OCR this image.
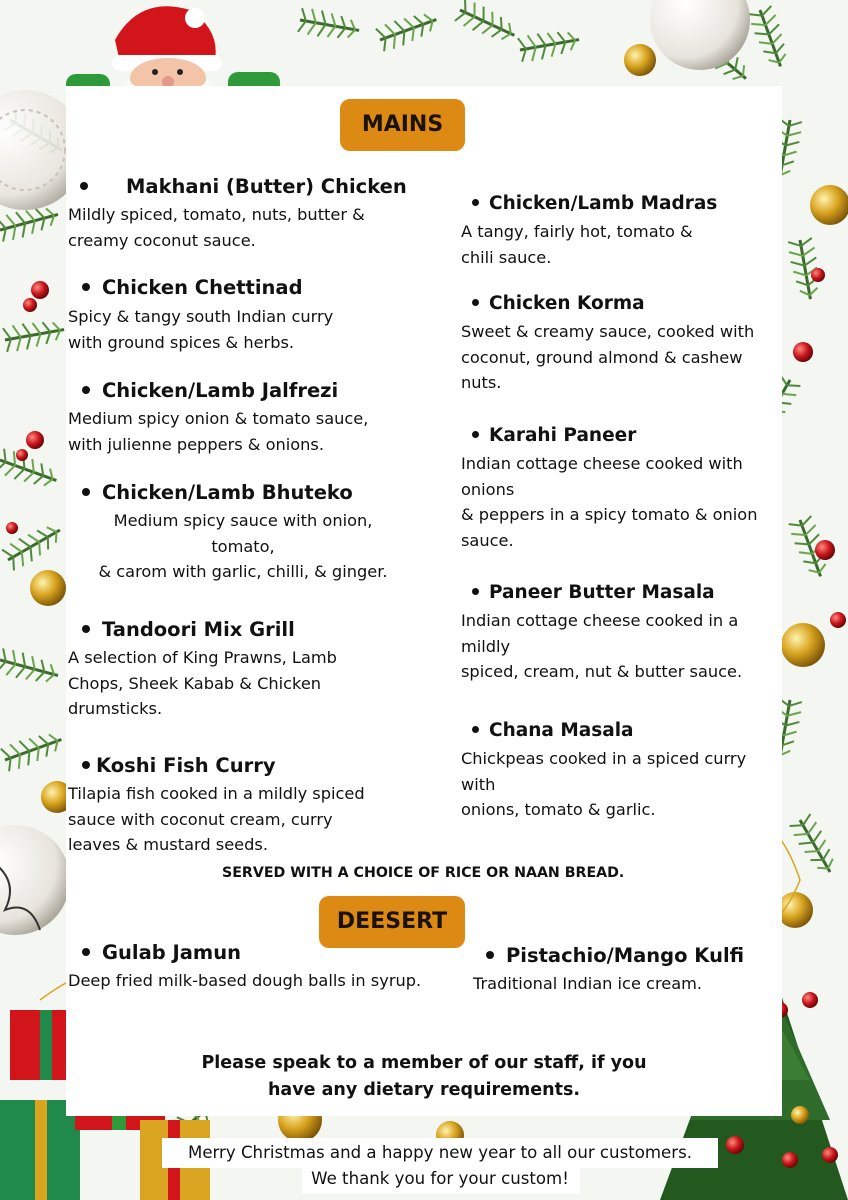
MAINS
Makhani (Butter) Chicken
Mildly spiced, tomato, nuts, butter &
creamy coconut sauce.
Chicken Chettinad
Spicy & tangy south Indian curry
with ground spices & herbs.
Chicken/Lamb Jalfrezi
Medium spicy onion & tomato sauce,
with julienne peppers & onions.
Chicken/Lamb Bhuteko
Medium spicy sauce with onion,
tomato,
& carom with garlic, chilli, & ginger.
Tandoori Mix Grill
A selection of King Prawns, Lamb
Chops, Sheek Kabab & Chicken
drumsticks.
Koshi Fish Curry
Tilapia fish cooked in a mildly spiced
sauce with coconut cream, curry
leaves & mustard seeds.
Chicken/Lamb Madras
A tangy, fairly hot, tomato &
chili sauce.
Chicken Korma
Sweet & creamy sauce, cooked with
coconut, ground almond & cashew
nuts.
Karahi Paneer
Indian cottage cheese cooked with
onions
& peppers in a spicy tomato & onion
sauce.
Paneer Butter Masala
Indian cottage cheese cooked in a
mildly
spiced, cream, nut & butter sauce.
Chana Masala
Chickpeas cooked in a spiced curry
with
onions, tomato & garlic.
SERVED WITH A CHOICE OF RICE OR NAAN BREAD.
DEESERT
Gulab Jamun
Deep fried milk-based dough balls in syrup.
Pistachio/Mango Kulfi
Traditional Indian ice cream.
Please speak to a member of our staff, if you
have any dietary requirements.
Merry Christmas and a happy new year to all our customers.
We thank you for your custom!
